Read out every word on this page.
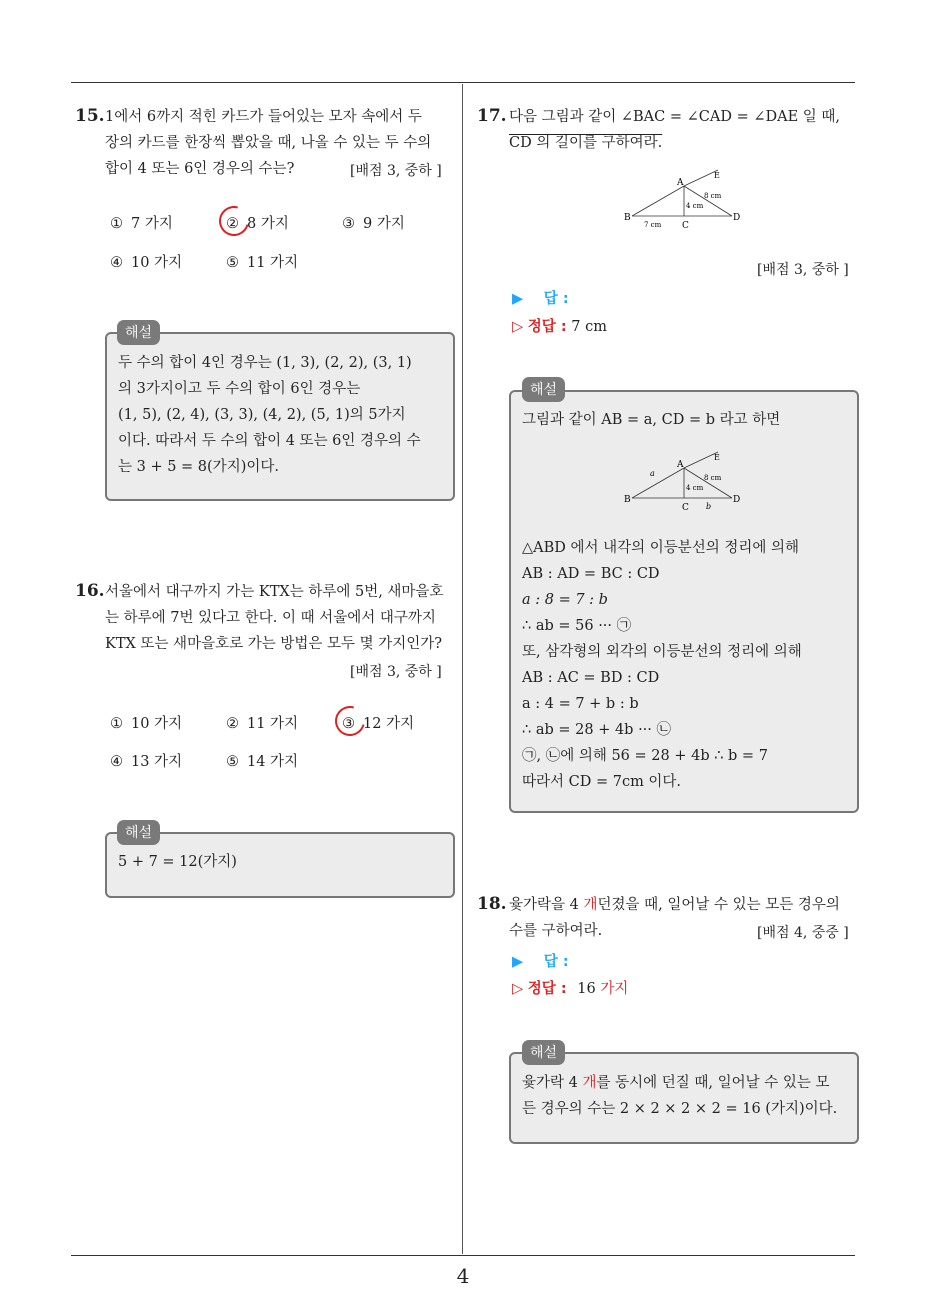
4
15. 1에서 6까지 적힌 카드가 들어있는 모자 속에서 두
장의 카드를 한장씩 뽑았을 때, 나올 수 있는 두 수의
합이 4 또는 6인 경우의 수는?	[배점 3, 중하 ]
① 7 가지	② 8 가지	③ 9 가지
④ 10 가지	⑤ 11 가지
해설
두 수의 합이 4인 경우는 (1, 3), (2, 2), (3, 1)
의 3가지이고 두 수의 합이 6인 경우는
(1, 5), (2, 4), (3, 3), (4, 2), (5, 1)의 5가지
이다. 따라서 두 수의 합이 4 또는 6인 경우의 수
는 3 + 5 = 8(가지)이다.
16. 서울에서 대구까지 가는 KTX는 하루에 5번, 새마을호
는 하루에 7번 있다고 한다. 이 때 서울에서 대구까지
KTX 또는 새마을호로 가는 방법은 모두 몇 가지인가?
[배점 3, 중하 ]
① 10 가지	② 11 가지	③ 12 가지
④ 13 가지	⑤ 14 가지
해설
5 + 7 = 12(가지)
17. 다음 그림과 같이 ∠BAC = ∠CAD = ∠DAE 일 때,
CD 의 길이를 구하여라.
A
B
C
D
E
8 cm
4 cm
7 cm
[배점 3, 중하 ]
▶ 답 :
▷ 정답 : 7 cm
해설
그림과 같이 AB = a, CD = b 라고 하면
A
B
C
D
E
8 cm
4 cm
a
b
△ABD 에서 내각의 이등분선의 정리에 의해
AB : AD = BC : CD
a : 8 = 7 : b
∴ ab = 56 ··· ㉠
또, 삼각형의 외각의 이등분선의 정리에 의해
AB : AC = BD : CD
a : 4 = 7 + b : b
∴ ab = 28 + 4b ··· ㉡
㉠, ㉡에 의해 56 = 28 + 4b ∴ b = 7
따라서 CD = 7cm 이다.
18. 윷가락을 4 개던졌을 때, 일어날 수 있는 모든 경우의
수를 구하여라.	[배점 4, 중중 ]
▶ 답 :
▷ 정답 : 16 가지
해설
윷가락 4 개를 동시에 던질 때, 일어날 수 있는 모
든 경우의 수는 2 × 2 × 2 × 2 = 16 (가지)이다.
